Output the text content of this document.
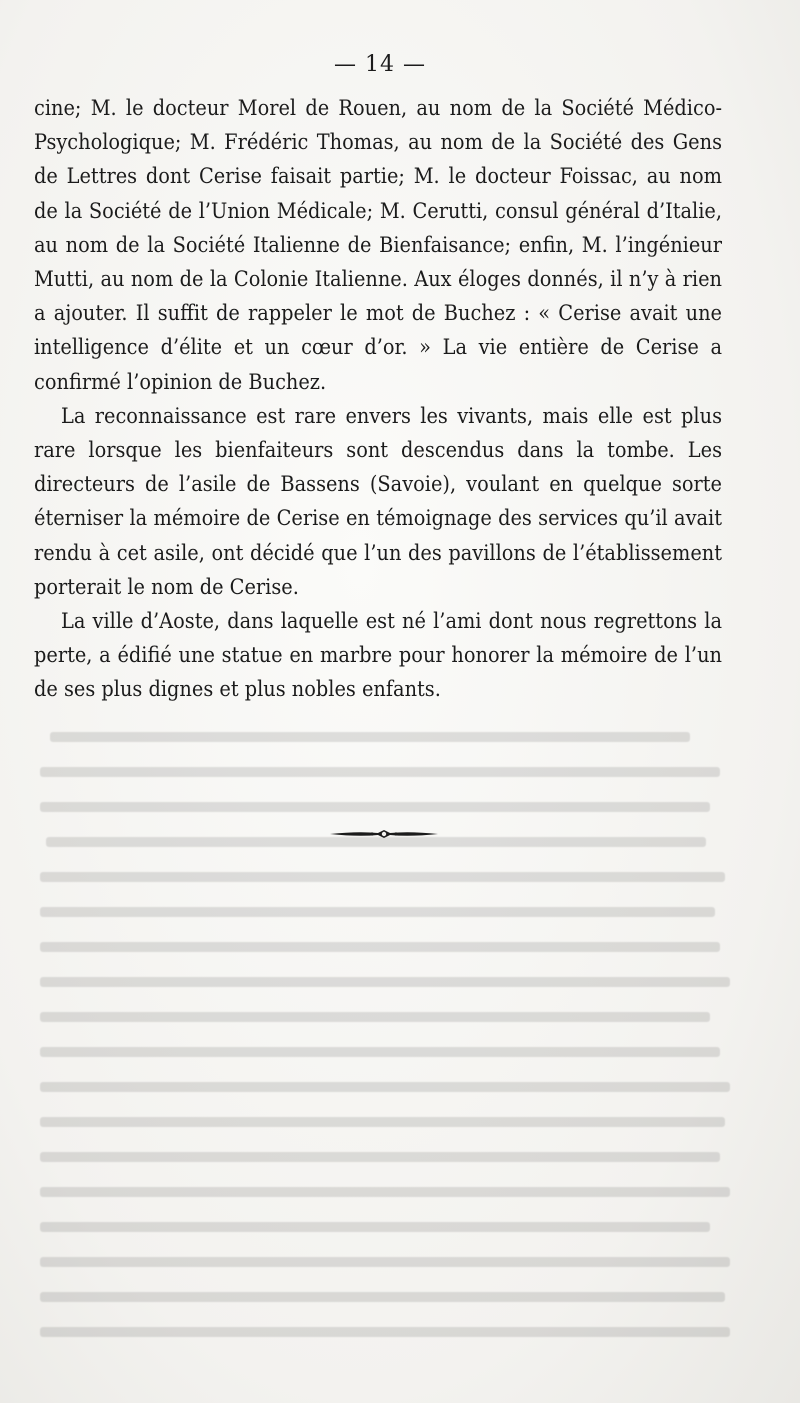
— 14 —

cine; M. le docteur Morel de Rouen, au nom de la Société Médico-Psychologique; M. Frédéric Thomas, au nom de la Société des Gens de Lettres dont Cerise faisait partie; M. le docteur Foissac, au nom de la Société de l’Union Médicale; M. Cerutti, consul général d’Italie, au nom de la Société Italienne de Bienfaisance; enfin, M. l’ingénieur Mutti, au nom de la Colonie Italienne. Aux éloges donnés, il n’y à rien a ajouter. Il suffit de rappeler le mot de Buchez : « Cerise avait une intelligence d’élite et un cœur d’or. » La vie entière de Cerise a confirmé l’opinion de Buchez.

La reconnaissance est rare envers les vivants, mais elle est plus rare lorsque les bienfaiteurs sont descendus dans la tombe. Les directeurs de l’asile de Bassens (Savoie), voulant en quelque sorte éterniser la mémoire de Cerise en témoignage des services qu’il avait rendu à cet asile, ont décidé que l’un des pavillons de l’établissement porterait le nom de Cerise.

La ville d’Aoste, dans laquelle est né l’ami dont nous regrettons la perte, a édifié une statue en marbre pour honorer la mémoire de l’un de ses plus dignes et plus nobles enfants.
